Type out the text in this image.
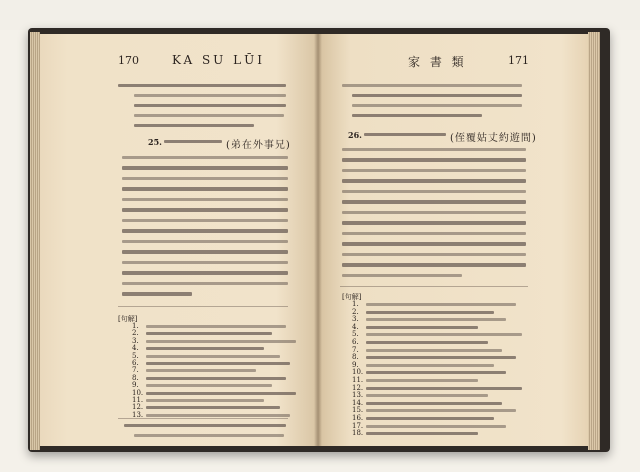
170	KA SU LŪI
25.	(弟在外事兄)
[句解]
1.
2.
3.
4.
5.
6.
7.
8.
9.
10.
11.
12.
13.
家 書 類	171
26.	(侄覆姑丈約遊間)
[句解]
1.
2.
3.
4.
5.
6.
7.
8.
9.
10.
11.
12.
13.
14.
15.
16.
17.
18.
